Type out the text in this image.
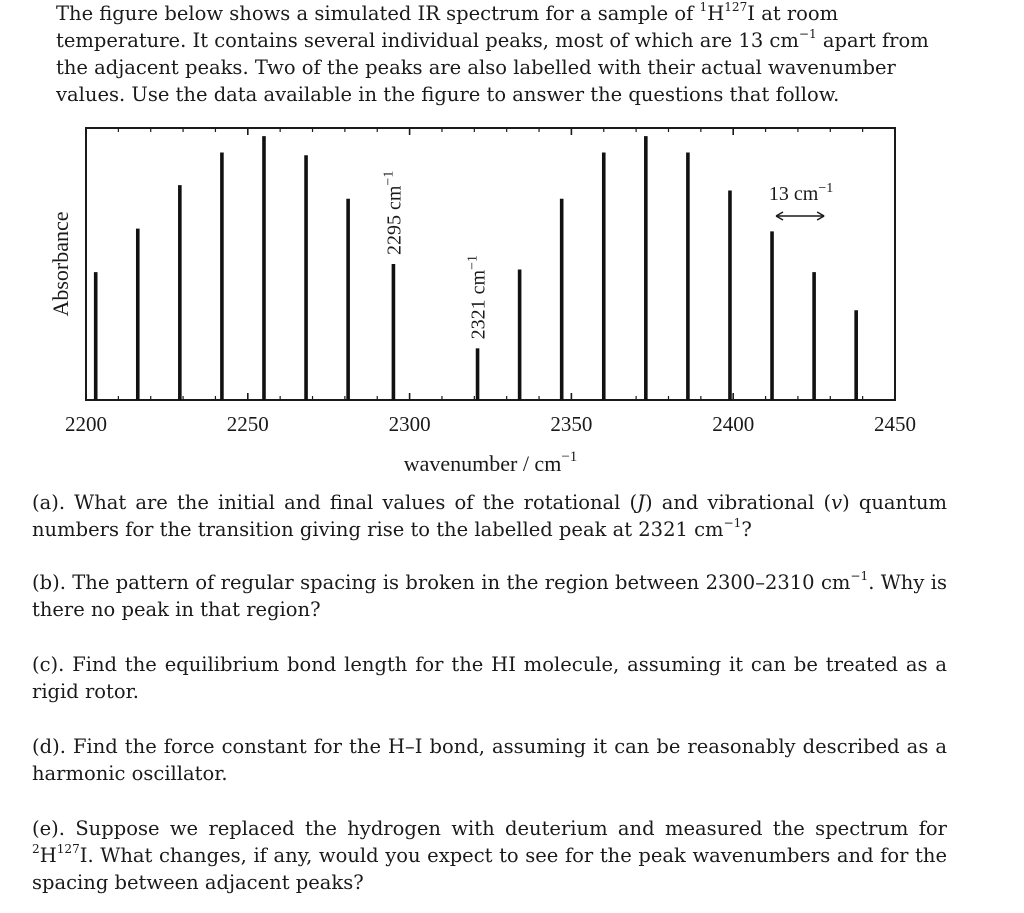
The figure below shows a simulated IR spectrum for a sample of $^1H^{127}I$ at room temperature. It contains several individual peaks, most of which are 13 $cm^{-1}$ apart from the adjacent peaks. Two of the peaks are also labelled with their actual wavenumber values. Use the data available in the figure to answer the questions that follow.

2200	2250	2300	2350	2400	2450
2295 $cm^{-1}$
2321 $cm^{-1}$
13 $cm^{-1}$
Absorbance
wavenumber / $cm^{-1}$

(a). What are the initial and final values of the rotational (J) and vibrational (v) quantum numbers for the transition giving rise to the labelled peak at 2321 $cm^{-1}$?

(b). The pattern of regular spacing is broken in the region between 2300–2310 $cm^{-1}$. Why is there no peak in that region?

(c). Find the equilibrium bond length for the HI molecule, assuming it can be treated as a rigid rotor.

(d). Find the force constant for the H–I bond, assuming it can be reasonably described as a harmonic oscillator.

(e). Suppose we replaced the hydrogen with deuterium and measured the spectrum for $^2H^{127}I$. What changes, if any, would you expect to see for the peak wavenumbers and for the spacing between adjacent peaks?
